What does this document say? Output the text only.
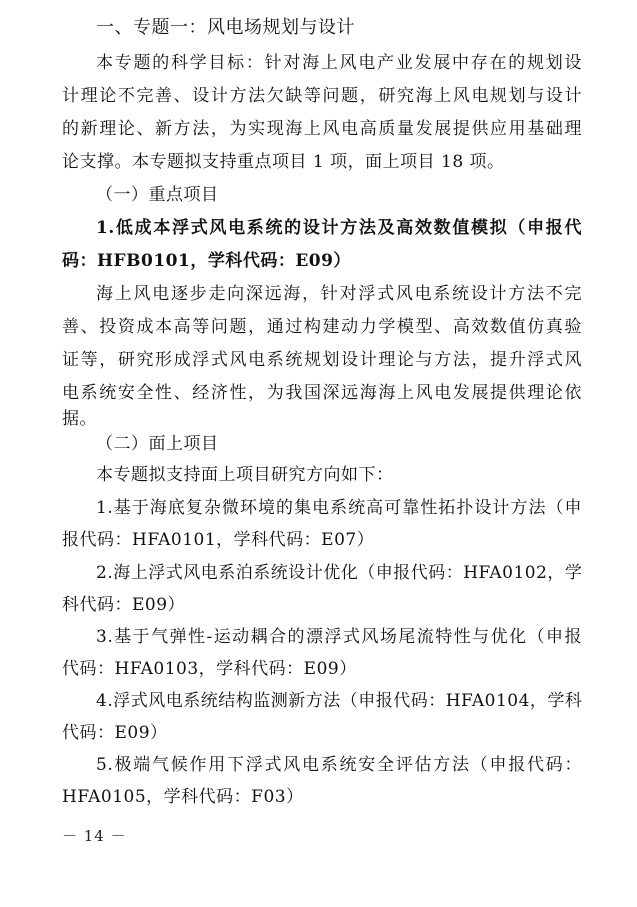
一、专题一：风电场规划与设计
本专题的科学目标：针对海上风电产业发展中存在的规划设
计理论不完善、设计方法欠缺等问题，研究海上风电规划与设计
的新理论、新方法，为实现海上风电高质量发展提供应用基础理
论支撑。本专题拟支持重点项目 1 项，面上项目 18 项。
（一）重点项目
1.低成本浮式风电系统的设计方法及高效数值模拟（申报代
码：HFB0101，学科代码：E09）
海上风电逐步走向深远海，针对浮式风电系统设计方法不完
善、投资成本高等问题，通过构建动力学模型、高效数值仿真验
证等，研究形成浮式风电系统规划设计理论与方法，提升浮式风
电系统安全性、经济性，为我国深远海海上风电发展提供理论依
据。
（二）面上项目
本专题拟支持面上项目研究方向如下：
1.基于海底复杂微环境的集电系统高可靠性拓扑设计方法（申
报代码：HFA0101，学科代码：E07）
2.海上浮式风电系泊系统设计优化（申报代码：HFA0102，学
科代码：E09）
3.基于气弹性-运动耦合的漂浮式风场尾流特性与优化（申报
代码：HFA0103，学科代码：E09）
4.浮式风电系统结构监测新方法（申报代码：HFA0104，学科
代码：E09）
5.极端气候作用下浮式风电系统安全评估方法（申报代码：
HFA0105，学科代码：F03）
－ 14 －
